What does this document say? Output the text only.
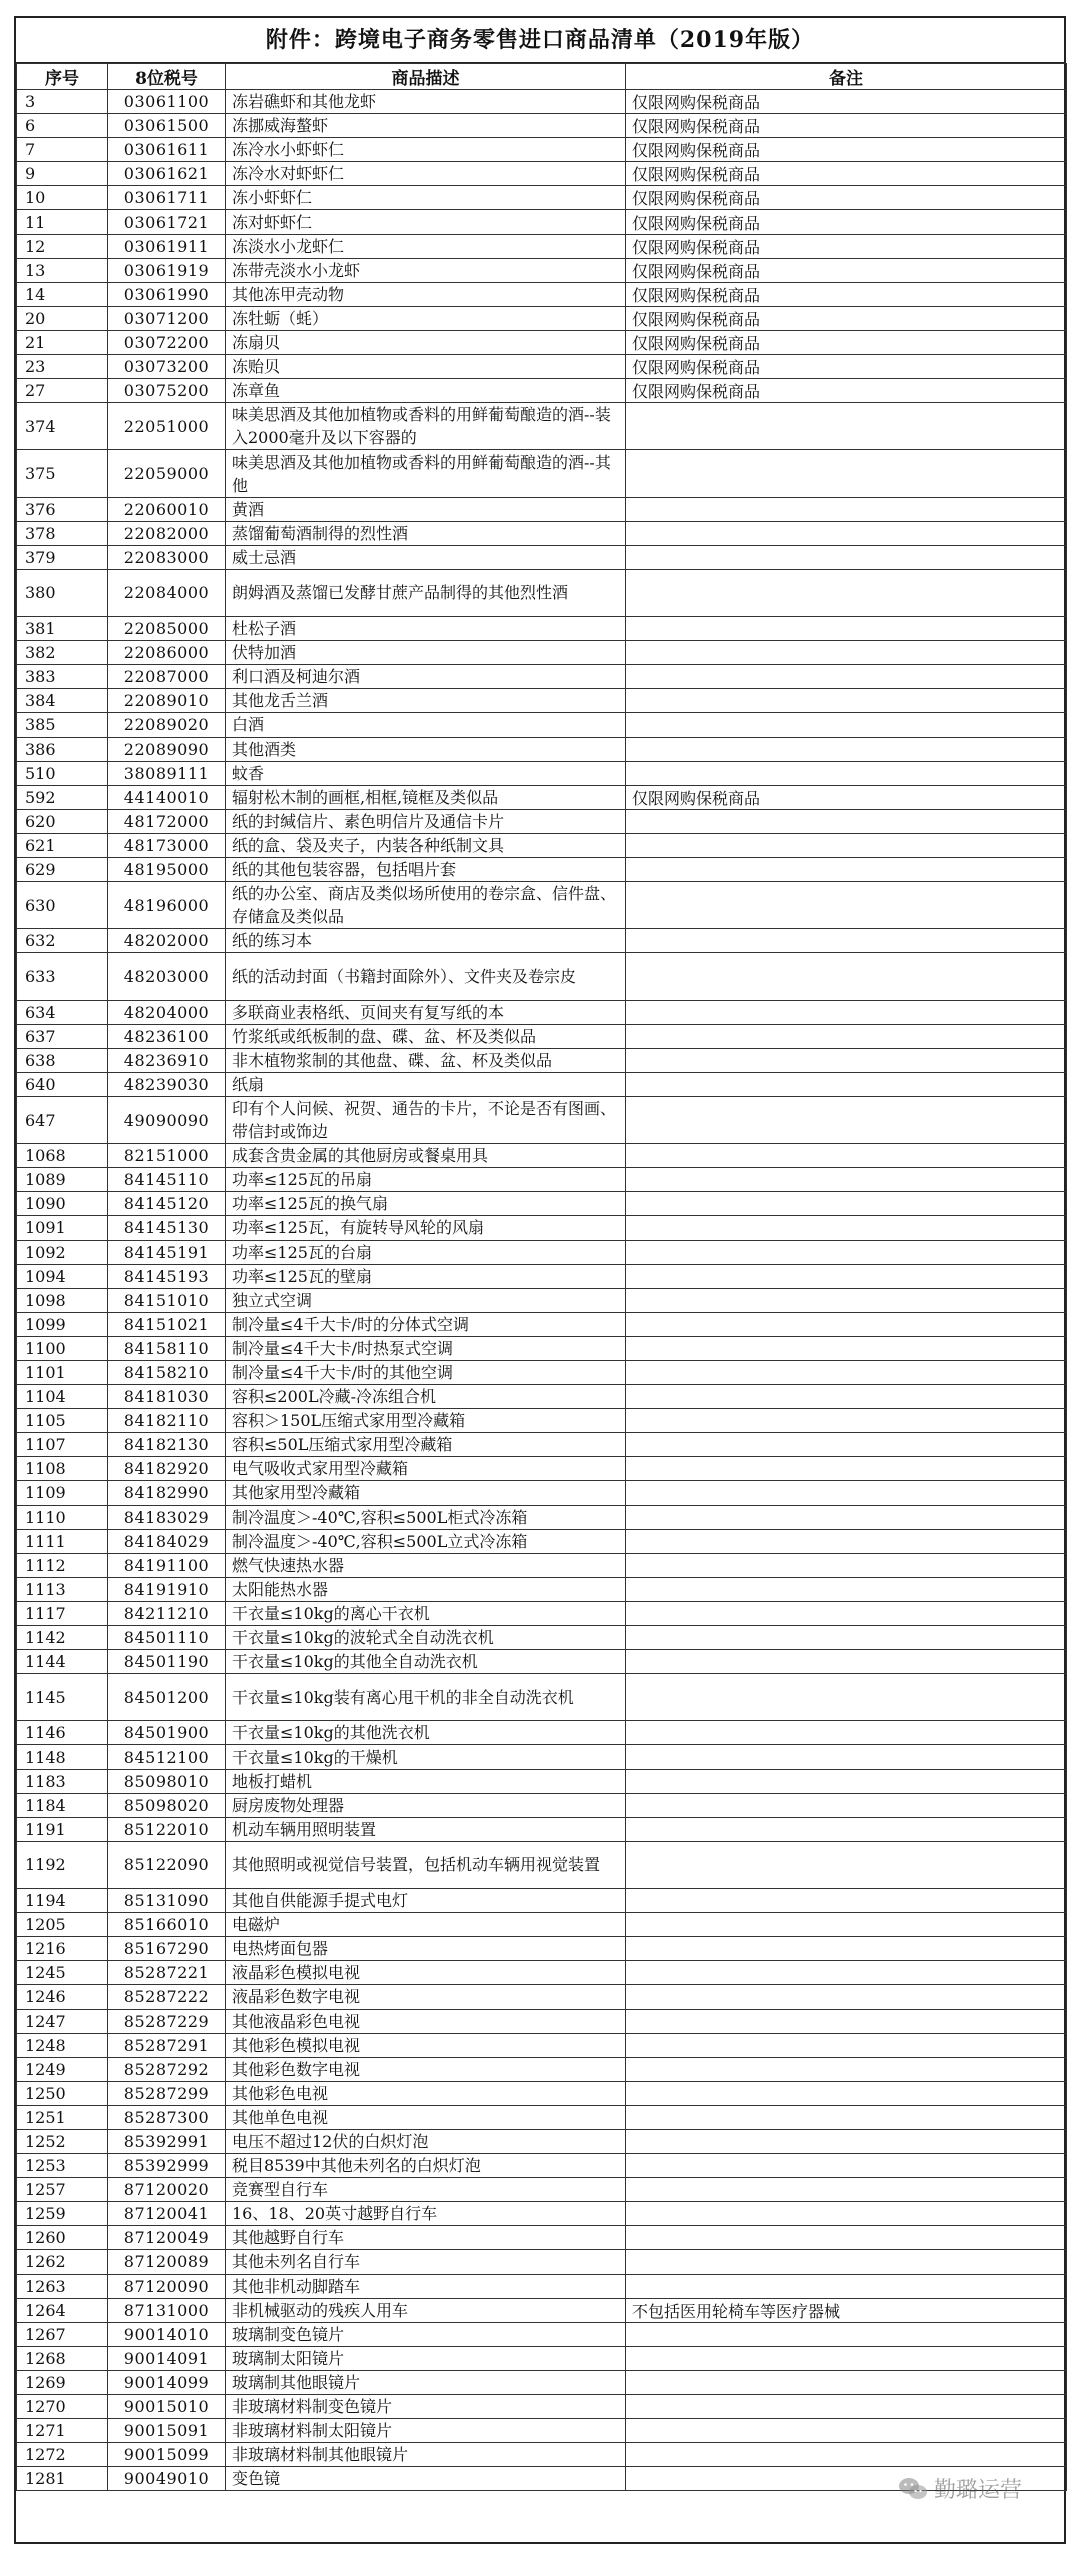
附件：跨境电子商务零售进口商品清单（2019年版）
序号	8位税号	商品描述	备注
3	03061100	冻岩礁虾和其他龙虾	仅限网购保税商品
6	03061500	冻挪威海螯虾	仅限网购保税商品
7	03061611	冻冷水小虾虾仁	仅限网购保税商品
9	03061621	冻冷水对虾虾仁	仅限网购保税商品
10	03061711	冻小虾虾仁	仅限网购保税商品
11	03061721	冻对虾虾仁	仅限网购保税商品
12	03061911	冻淡水小龙虾仁	仅限网购保税商品
13	03061919	冻带壳淡水小龙虾	仅限网购保税商品
14	03061990	其他冻甲壳动物	仅限网购保税商品
20	03071200	冻牡蛎（蚝）	仅限网购保税商品
21	03072200	冻扇贝	仅限网购保税商品
23	03073200	冻贻贝	仅限网购保税商品
27	03075200	冻章鱼	仅限网购保税商品
374	22051000	味美思酒及其他加植物或香料的用鲜葡萄酿造的酒--装入2000毫升及以下容器的	
375	22059000	味美思酒及其他加植物或香料的用鲜葡萄酿造的酒--其他	
376	22060010	黄酒	
378	22082000	蒸馏葡萄酒制得的烈性酒	
379	22083000	威士忌酒	
380	22084000	朗姆酒及蒸馏已发酵甘蔗产品制得的其他烈性酒	
381	22085000	杜松子酒	
382	22086000	伏特加酒	
383	22087000	利口酒及柯迪尔酒	
384	22089010	其他龙舌兰酒	
385	22089020	白酒	
386	22089090	其他酒类	
510	38089111	蚊香	
592	44140010	辐射松木制的画框,相框,镜框及类似品	仅限网购保税商品
620	48172000	纸的封缄信片、素色明信片及通信卡片	
621	48173000	纸的盒、袋及夹子，内装各种纸制文具	
629	48195000	纸的其他包装容器，包括唱片套	
630	48196000	纸的办公室、商店及类似场所使用的卷宗盒、信件盘、存储盒及类似品	
632	48202000	纸的练习本	
633	48203000	纸的活动封面（书籍封面除外）、文件夹及卷宗皮	
634	48204000	多联商业表格纸、页间夹有复写纸的本	
637	48236100	竹浆纸或纸板制的盘、碟、盆、杯及类似品	
638	48236910	非木植物浆制的其他盘、碟、盆、杯及类似品	
640	48239030	纸扇	
647	49090090	印有个人问候、祝贺、通告的卡片，不论是否有图画、带信封或饰边	
1068	82151000	成套含贵金属的其他厨房或餐桌用具	
1089	84145110	功率≤125瓦的吊扇	
1090	84145120	功率≤125瓦的换气扇	
1091	84145130	功率≤125瓦，有旋转导风轮的风扇	
1092	84145191	功率≤125瓦的台扇	
1094	84145193	功率≤125瓦的壁扇	
1098	84151010	独立式空调	
1099	84151021	制冷量≤4千大卡/时的分体式空调	
1100	84158110	制冷量≤4千大卡/时热泵式空调	
1101	84158210	制冷量≤4千大卡/时的其他空调	
1104	84181030	容积≤200L冷藏-冷冻组合机	
1105	84182110	容积＞150L压缩式家用型冷藏箱	
1107	84182130	容积≤50L压缩式家用型冷藏箱	
1108	84182920	电气吸收式家用型冷藏箱	
1109	84182990	其他家用型冷藏箱	
1110	84183029	制冷温度＞-40℃,容积≤500L柜式冷冻箱	
1111	84184029	制冷温度＞-40℃,容积≤500L立式冷冻箱	
1112	84191100	燃气快速热水器	
1113	84191910	太阳能热水器	
1117	84211210	干衣量≤10kg的离心干衣机	
1142	84501110	干衣量≤10kg的波轮式全自动洗衣机	
1144	84501190	干衣量≤10kg的其他全自动洗衣机	
1145	84501200	干衣量≤10kg装有离心甩干机的非全自动洗衣机	
1146	84501900	干衣量≤10kg的其他洗衣机	
1148	84512100	干衣量≤10kg的干燥机	
1183	85098010	地板打蜡机	
1184	85098020	厨房废物处理器	
1191	85122010	机动车辆用照明装置	
1192	85122090	其他照明或视觉信号装置，包括机动车辆用视觉装置	
1194	85131090	其他自供能源手提式电灯	
1205	85166010	电磁炉	
1216	85167290	电热烤面包器	
1245	85287221	液晶彩色模拟电视	
1246	85287222	液晶彩色数字电视	
1247	85287229	其他液晶彩色电视	
1248	85287291	其他彩色模拟电视	
1249	85287292	其他彩色数字电视	
1250	85287299	其他彩色电视	
1251	85287300	其他单色电视	
1252	85392991	电压不超过12伏的白炽灯泡	
1253	85392999	税目8539中其他未列名的白炽灯泡	
1257	87120020	竞赛型自行车	
1259	87120041	16、18、20英寸越野自行车	
1260	87120049	其他越野自行车	
1262	87120089	其他未列名自行车	
1263	87120090	其他非机动脚踏车	
1264	87131000	非机械驱动的残疾人用车	不包括医用轮椅车等医疗器械
1267	90014010	玻璃制变色镜片	
1268	90014091	玻璃制太阳镜片	
1269	90014099	玻璃制其他眼镜片	
1270	90015010	非玻璃材料制变色镜片	
1271	90015091	非玻璃材料制太阳镜片	
1272	90015099	非玻璃材料制其他眼镜片	
1281	90049010	变色镜		勤璐运营
